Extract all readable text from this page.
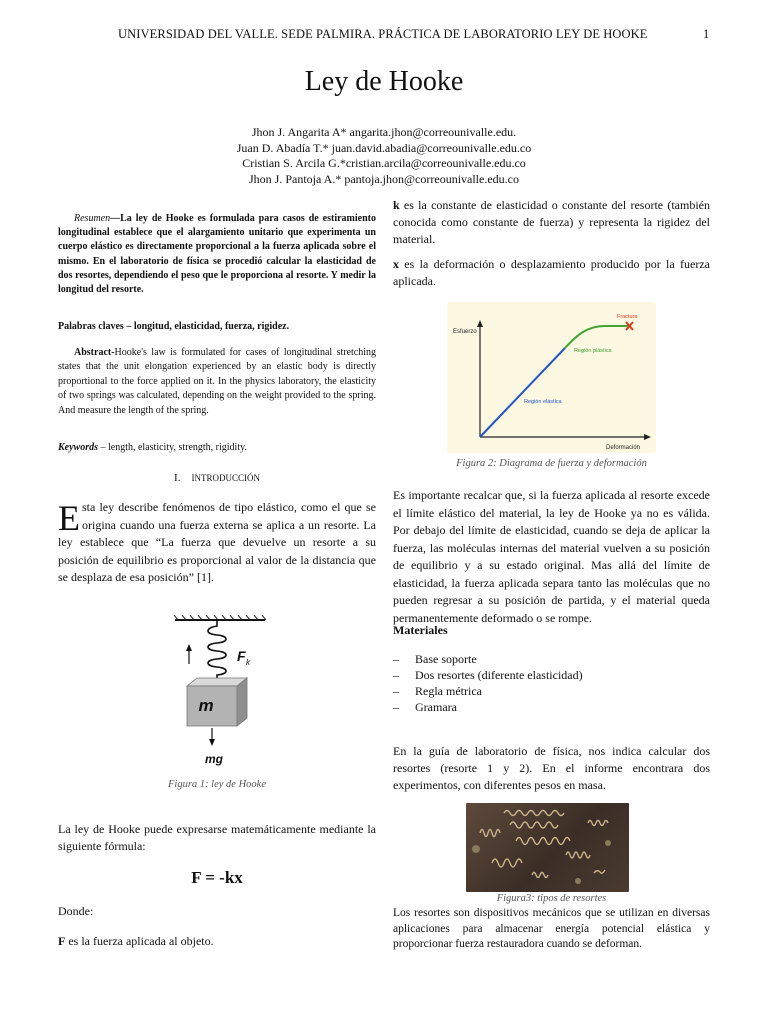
UNIVERSIDAD DEL VALLE. SEDE PALMIRA. PRÁCTICA DE LABORATORIO LEY DE HOOKE	1
Ley de Hooke
Jhon J. Angarita A* angarita.jhon@correounivalle.edu.
Juan D. Abadía T.* juan.david.abadia@correounivalle.edu.co
Cristian S. Arcila G.*cristian.arcila@correounivalle.edu.co
Jhon J. Pantoja A.* pantoja.jhon@correounivalle.edu.co
Resumen—La ley de Hooke es formulada para casos de estiramiento longitudinal establece que el alargamiento unitario que experimenta un cuerpo elástico es directamente proporcional a la fuerza aplicada sobre el mismo. En el laboratorio de física se procedió calcular la elasticidad de dos resortes, dependiendo el peso que le proporciona al resorte. Y medir la longitud del resorte.
Palabras claves – longitud, elasticidad, fuerza, rigidez.
Abstract-Hooke's law is formulated for cases of longitudinal stretching states that the unit elongation experienced by an elastic body is directly proportional to the force applied on it. In the physics laboratory, the elasticity of two springs was calculated, depending on the weight provided to the spring. And measure the length of the spring.
Keywords – length, elasticity, strength, rigidity.
I. INTRODUCCIÓN
Esta ley describe fenómenos de tipo elástico, como el que se origina cuando una fuerza externa se aplica a un resorte. La ley establece que “La fuerza que devuelve un resorte a su posición de equilibrio es proporcional al valor de la distancia que se desplaza de esa posición” [1].
m
F k
mg
Figura 1: ley de Hooke
La ley de Hooke puede expresarse matemáticamente mediante la siguiente fórmula:
F = -kx
Donde:
F es la fuerza aplicada al objeto.
k es la constante de elasticidad o constante del resorte (también conocida como constante de fuerza) y representa la rigidez del material.
x es la deformación o desplazamiento producido por la fuerza aplicada.
Esfuerzo
Deformación
Región plástica
Región elástica
Fractura
Figura 2: Diagrama de fuerza y deformación
Es importante recalcar que, si la fuerza aplicada al resorte excede el límite elástico del material, la ley de Hooke ya no es válida. Por debajo del límite de elasticidad, cuando se deja de aplicar la fuerza, las moléculas internas del material vuelven a su posición de equilibrio y a su estado original. Mas allá del límite de elasticidad, la fuerza aplicada separa tanto las moléculas que no pueden regresar a su posición de partida, y el material queda permanentemente deformado o se rompe.
Materiales
– Base soporte
– Dos resortes (diferente elasticidad)
– Regla métrica
– Gramara
En la guía de laboratorio de física, nos indica calcular dos resortes (resorte 1 y 2). En el informe encontrara dos experimentos, con diferentes pesos en masa.
Figura3: tipos de resortes
Los resortes son dispositivos mecánicos que se utilizan en diversas aplicaciones para almacenar energía potencial elástica y proporcionar fuerza restauradora cuando se deforman.
